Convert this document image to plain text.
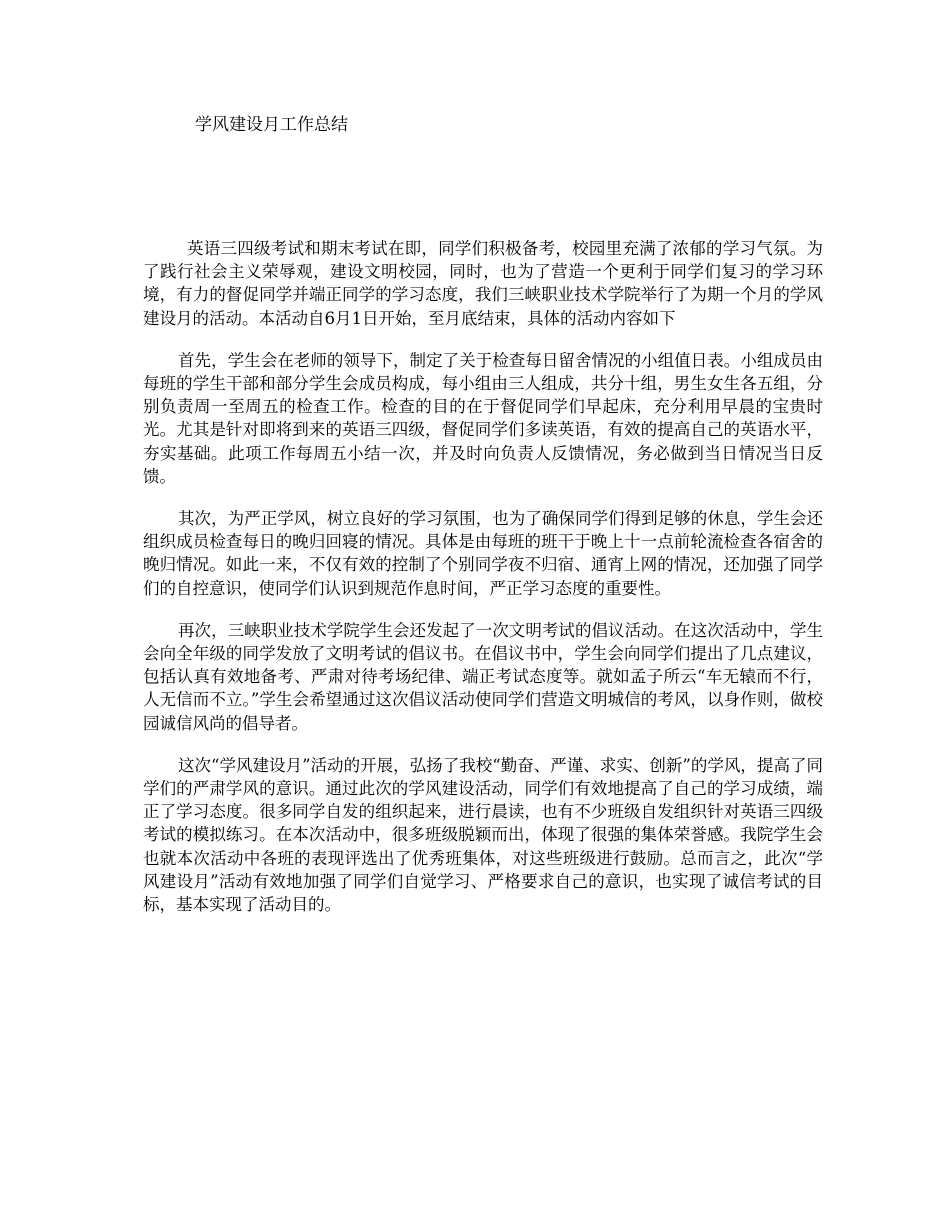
学风建设月工作总结

英语三四级考试和期末考试在即，同学们积极备考，校园里充满了浓郁的学习气氛。为了践行社会主义荣辱观，建设文明校园，同时，也为了营造一个更利于同学们复习的学习环境，有力的督促同学并端正同学的学习态度，我们三峡职业技术学院举行了为期一个月的学风建设月的活动。本活动自6月1日开始，至月底结束，具体的活动内容如下

首先，学生会在老师的领导下，制定了关于检查每日留舍情况的小组值日表。小组成员由每班的学生干部和部分学生会成员构成，每小组由三人组成，共分十组，男生女生各五组，分别负责周一至周五的检查工作。检查的目的在于督促同学们早起床，充分利用早晨的宝贵时光。尤其是针对即将到来的英语三四级，督促同学们多读英语，有效的提高自己的英语水平，夯实基础。此项工作每周五小结一次，并及时向负责人反馈情况，务必做到当日情况当日反馈。

其次，为严正学风，树立良好的学习氛围，也为了确保同学们得到足够的休息，学生会还组织成员检查每日的晚归回寝的情况。具体是由每班的班干于晚上十一点前轮流检查各宿舍的晚归情况。如此一来，不仅有效的控制了个别同学夜不归宿、通宵上网的情况，还加强了同学们的自控意识，使同学们认识到规范作息时间，严正学习态度的重要性。

再次，三峡职业技术学院学生会还发起了一次文明考试的倡议活动。在这次活动中，学生会向全年级的同学发放了文明考试的倡议书。在倡议书中，学生会向同学们提出了几点建议，包括认真有效地备考、严肃对待考场纪律、端正考试态度等。就如孟子所云“车无辕而不行，人无信而不立。”学生会希望通过这次倡议活动使同学们营造文明城信的考风，以身作则，做校园诚信风尚的倡导者。

这次“学风建设月”活动的开展，弘扬了我校“勤奋、严谨、求实、创新”的学风，提高了同学们的严肃学风的意识。通过此次的学风建设活动，同学们有效地提高了自己的学习成绩，端正了学习态度。很多同学自发的组织起来，进行晨读，也有不少班级自发组织针对英语三四级考试的模拟练习。在本次活动中，很多班级脱颖而出，体现了很强的集体荣誉感。我院学生会也就本次活动中各班的表现评选出了优秀班集体，对这些班级进行鼓励。总而言之，此次“学风建设月”活动有效地加强了同学们自觉学习、严格要求自己的意识，也实现了诚信考试的目标，基本实现了活动目的。
